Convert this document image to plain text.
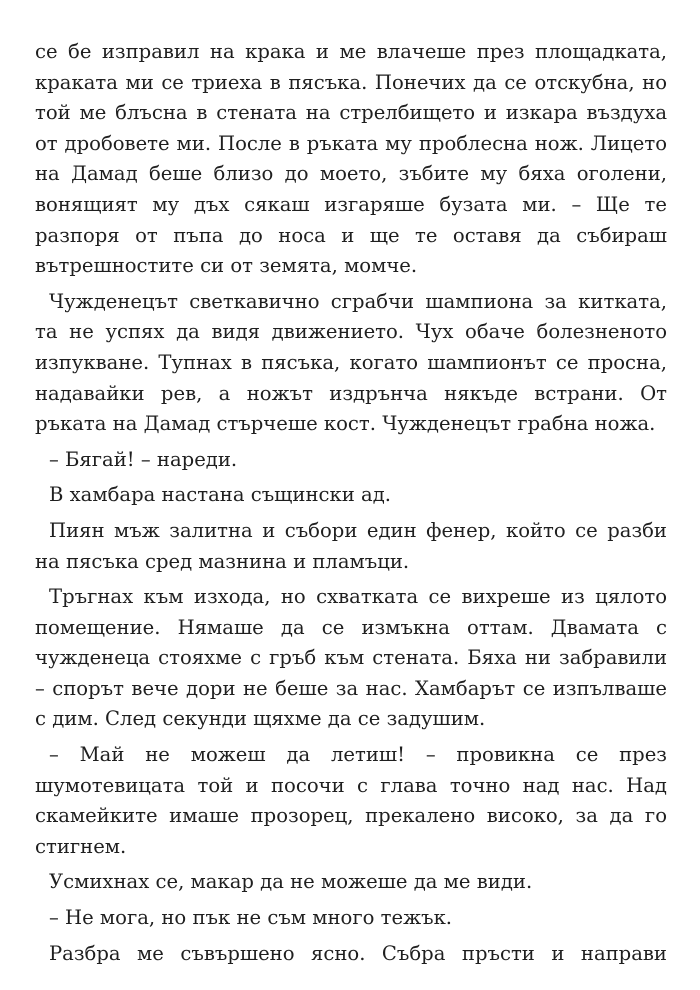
се бе изправил на крака и ме влачеше през площадката, краката ми се триеха в пясъка. Понечих да се отскубна, но той ме блъсна в стената на стрелбището и изкара въздуха от дробовете ми. После в ръката му проблесна нож. Лицето на Дамад беше близо до моето, зъбите му бяха оголени, вонящият му дъх сякаш изгаряше бузата ми. – Ще те разпоря от пъпа до носа и ще те оставя да събираш вътрешностите си от земята, момче.

Чужденецът светкавично сграбчи шампиона за китката, та не успях да видя движението. Чух обаче болезненото изпукване. Тупнах в пясъка, когато шампионът се просна, надавайки рев, а ножът издрънча някъде встрани. От ръката на Дамад стърчеше кост. Чужденецът грабна ножа.

– Бягай! – нареди.

В хамбара настана същински ад.

Пиян мъж залитна и събори един фенер, който се разби на пясъка сред мазнина и пламъци.

Тръгнах към изхода, но схватката се вихреше из цялото помещение. Нямаше да се измъкна оттам. Двамата с чужденеца стояхме с гръб към стената. Бяха ни забравили – спорът вече дори не беше за нас. Хамбарът се изпълваше с дим. След секунди щяхме да се задушим.

– Май не можеш да летиш! – провикна се през шумотевицата той и посочи с глава точно над нас. Над скамейките имаше прозорец, прекалено високо, за да го стигнем.

Усмихнах се, макар да не можеше да ме види.

– Не мога, но пък не съм много тежък.

Разбра ме съвършено ясно. Събра пръсти и направи
